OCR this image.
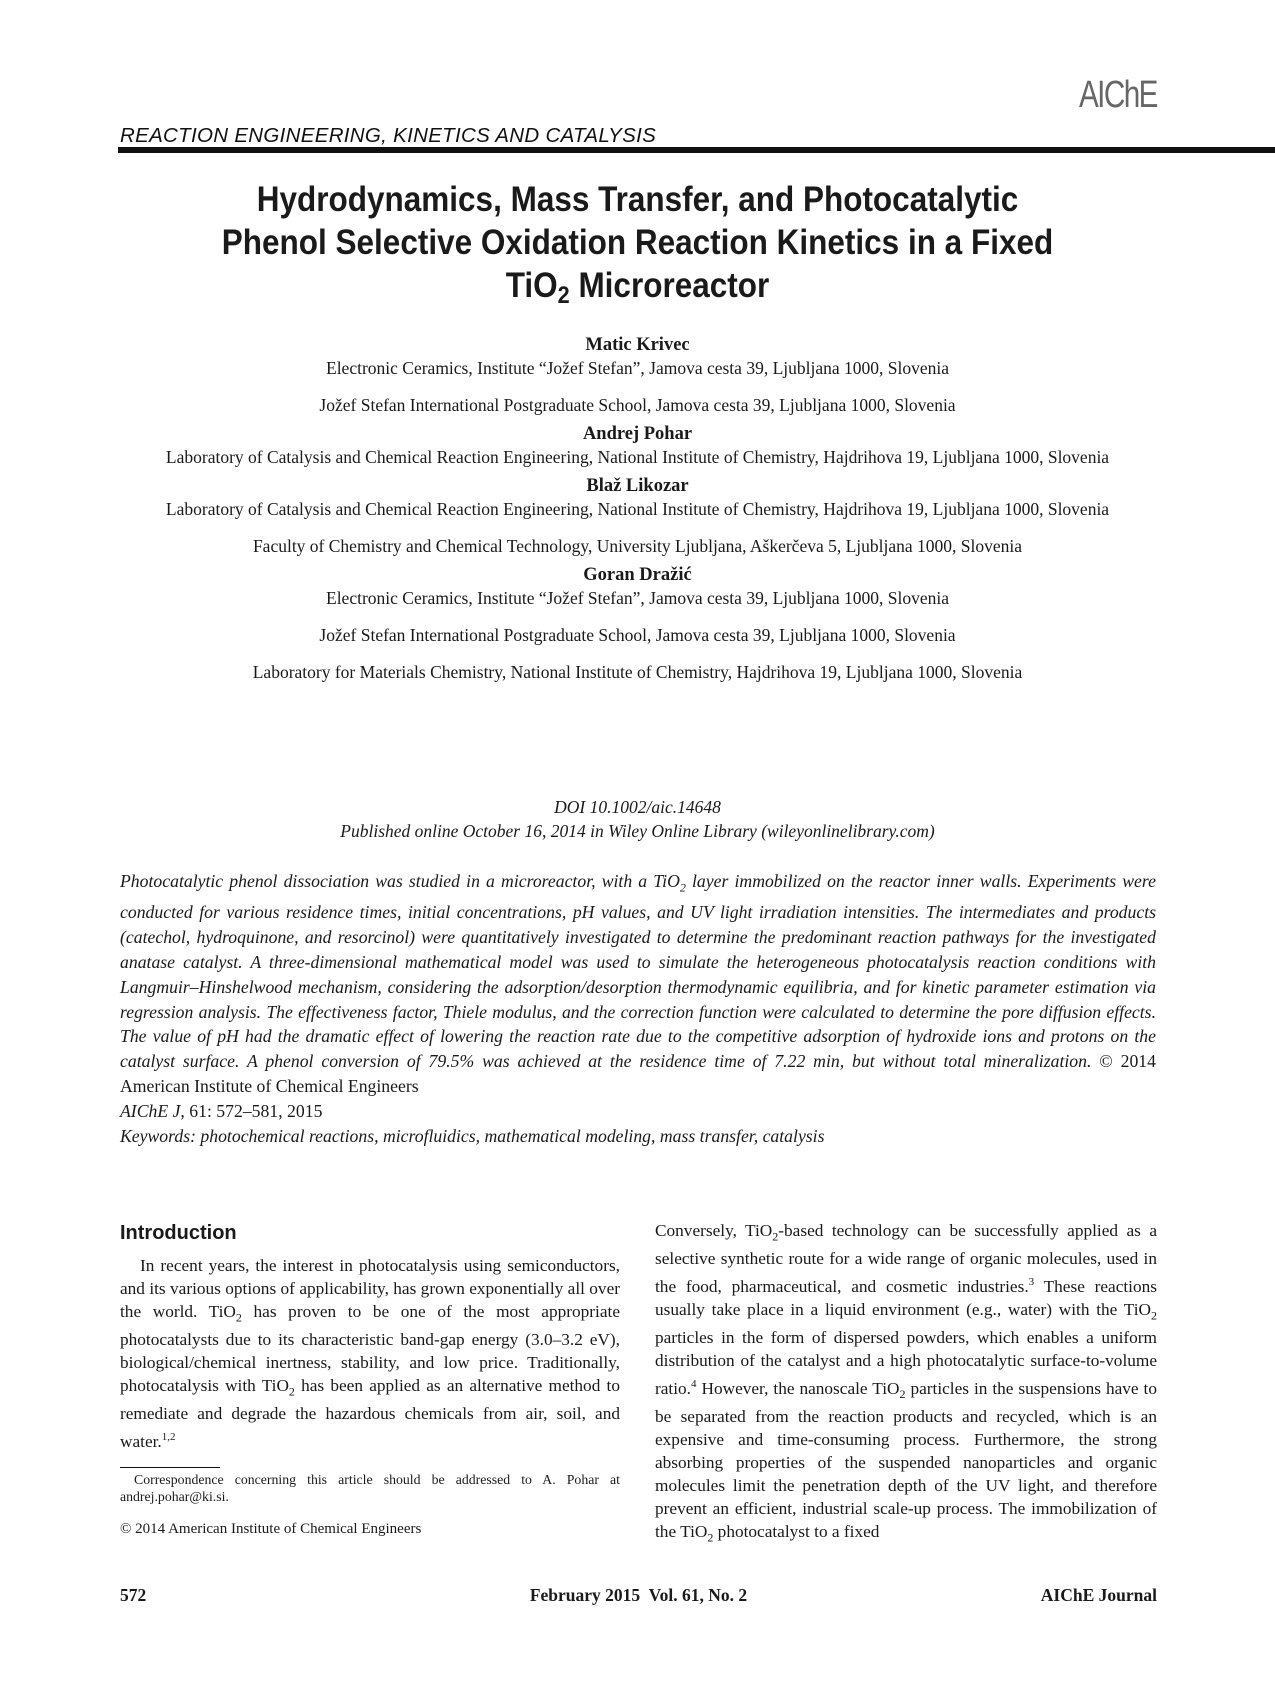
AIChE
REACTION ENGINEERING, KINETICS AND CATALYSIS
Hydrodynamics, Mass Transfer, and Photocatalytic
Phenol Selective Oxidation Reaction Kinetics in a Fixed
TiO$_2$ Microreactor
Matic Krivec
Electronic Ceramics, Institute “Jožef Stefan”, Jamova cesta 39, Ljubljana 1000, Slovenia
Jožef Stefan International Postgraduate School, Jamova cesta 39, Ljubljana 1000, Slovenia
Andrej Pohar
Laboratory of Catalysis and Chemical Reaction Engineering, National Institute of Chemistry, Hajdrihova 19, Ljubljana 1000, Slovenia
Blaž Likozar
Laboratory of Catalysis and Chemical Reaction Engineering, National Institute of Chemistry, Hajdrihova 19, Ljubljana 1000, Slovenia
Faculty of Chemistry and Chemical Technology, University Ljubljana, Aškerčeva 5, Ljubljana 1000, Slovenia
Goran Dražić
Electronic Ceramics, Institute “Jožef Stefan”, Jamova cesta 39, Ljubljana 1000, Slovenia
Jožef Stefan International Postgraduate School, Jamova cesta 39, Ljubljana 1000, Slovenia
Laboratory for Materials Chemistry, National Institute of Chemistry, Hajdrihova 19, Ljubljana 1000, Slovenia
DOI 10.1002/aic.14648
Published online October 16, 2014 in Wiley Online Library (wileyonlinelibrary.com)
Photocatalytic phenol dissociation was studied in a microreactor, with a TiO$_2$ layer immobilized on the reactor inner walls. Experiments were conducted for various residence times, initial concentrations, pH values, and UV light irradiation intensities. The intermediates and products (catechol, hydroquinone, and resorcinol) were quantitatively investigated to determine the predominant reaction pathways for the investigated anatase catalyst. A three-dimensional mathematical model was used to simulate the heterogeneous photocatalysis reaction conditions with Langmuir–Hinshelwood mechanism, considering the adsorption/desorption thermodynamic equilibria, and for kinetic parameter estimation via regression analysis. The effectiveness factor, Thiele modulus, and the correction function were calculated to determine the pore diffusion effects. The value of pH had the dramatic effect of lowering the reaction rate due to the competitive adsorption of hydroxide ions and protons on the catalyst surface. A phenol conversion of 79.5% was achieved at the residence time of 7.22 min, but without total mineralization. © 2014 American Institute of Chemical Engineers
AIChE J, 61: 572–581, 2015
Keywords: photochemical reactions, microfluidics, mathematical modeling, mass transfer, catalysis
Introduction
In recent years, the interest in photocatalysis using semiconductors, and its various options of applicability, has grown exponentially all over the world. TiO$_2$ has proven to be one of the most appropriate photocatalysts due to its characteristic band-gap energy (3.0–3.2 eV), biological/chemical inertness, stability, and low price. Traditionally, photocatalysis with TiO$_2$ has been applied as an alternative method to remediate and degrade the hazardous chemicals from air, soil, and water.$^{1,2}$
Conversely, TiO$_2$-based technology can be successfully applied as a selective synthetic route for a wide range of organic molecules, used in the food, pharmaceutical, and cosmetic industries.$^3$ These reactions usually take place in a liquid environment (e.g., water) with the TiO$_2$ particles in the form of dispersed powders, which enables a uniform distribution of the catalyst and a high photocatalytic surface-to-volume ratio.$^4$ However, the nanoscale TiO$_2$ particles in the suspensions have to be separated from the reaction products and recycled, which is an expensive and time-consuming process. Furthermore, the strong absorbing properties of the suspended nanoparticles and organic molecules limit the penetration depth of the UV light, and therefore prevent an efficient, industrial scale-up process. The immobilization of the TiO$_2$ photocatalyst to a fixed
Correspondence concerning this article should be addressed to A. Pohar at andrej.pohar@ki.si.
© 2014 American Institute of Chemical Engineers
572	February 2015  Vol. 61, No. 2	AIChE Journal
